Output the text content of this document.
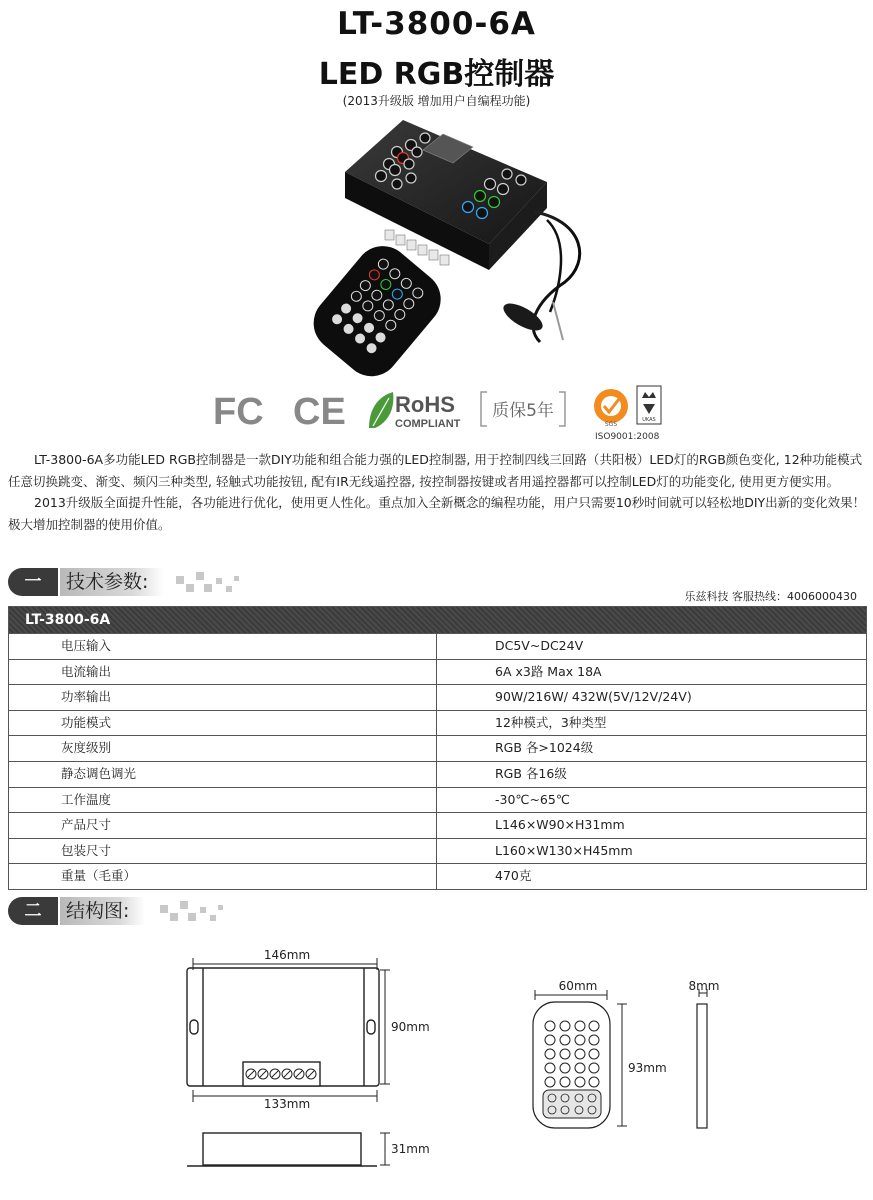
LT-3800-6A
LED RGB控制器
(2013升级版 增加用户自编程功能)
FC CE RoHS
COMPLIANT
质保5年
SGS
UKAS
ISO9001:2008

LT-3800-6A多功能LED RGB控制器是一款DIY功能和组合能力强的LED控制器, 用于控制四线三回路（共阳极）LED灯的RGB颜色变化, 12种功能模式任意切换跳变、渐变、频闪三种类型, 轻触式功能按钮, 配有IR无线遥控器, 按控制器按键或者用遥控器都可以控制LED灯的功能变化, 使用更方便实用。

2013升级版全面提升性能，各功能进行优化，使用更人性化。重点加入全新概念的编程功能，用户只需要10秒时间就可以轻松地DIY出新的变化效果！极大增加控制器的使用价值。

一	技术参数:
乐兹科技 客服热线：4006000430
LT-3800-6A
电压输入	DC5V~DC24V
电流输出	6A x3路 Max 18A
功率输出	90W/216W/ 432W(5V/12V/24V)
功能模式	12种模式，3种类型
灰度级别	RGB 各>1024级
静态调色调光	RGB 各16级
工作温度	-30℃~65℃
产品尺寸	L146×W90×H31mm
包装尺寸	L160×W130×H45mm
重量（毛重）	470克
二	结构图:
146mm
90mm
133mm
31mm
60mm
93mm
8mm
